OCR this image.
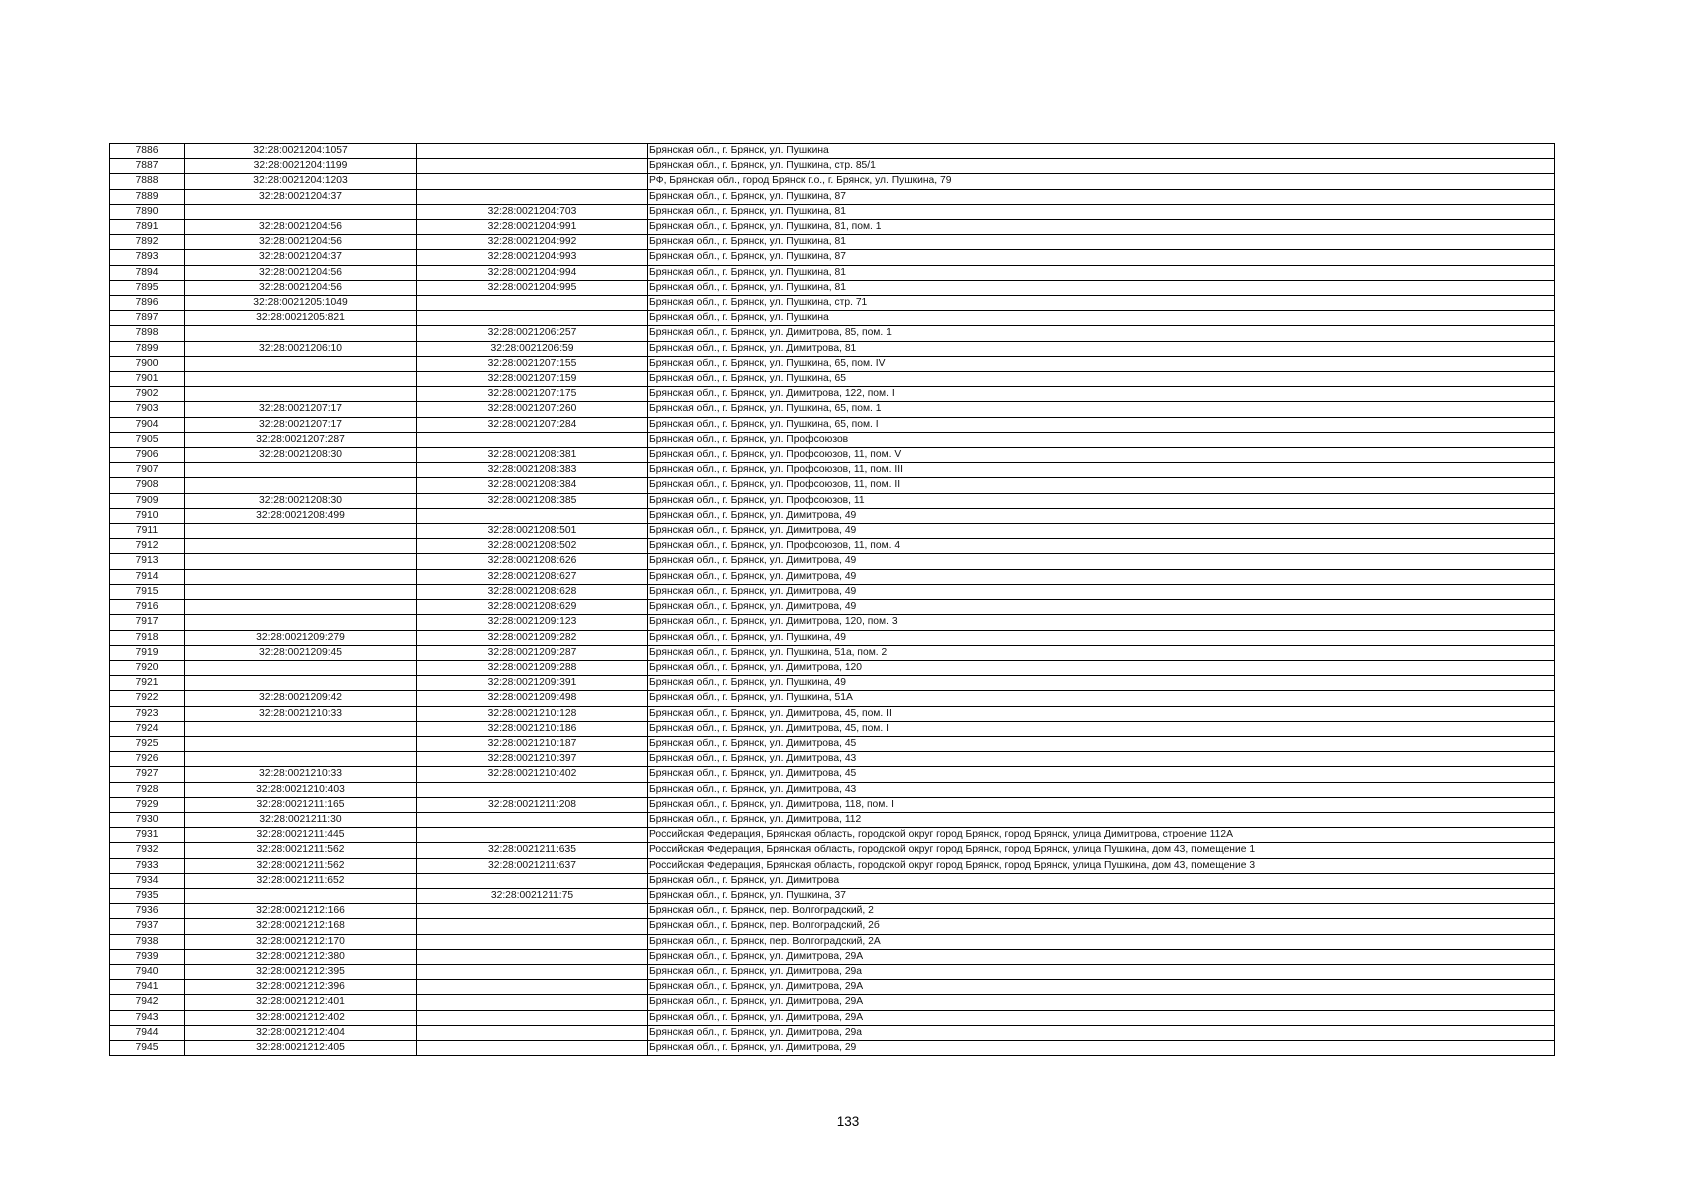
7886	32:28:0021204:1057		Брянская обл., г. Брянск, ул. Пушкина
7887	32:28:0021204:1199		Брянская обл., г. Брянск, ул. Пушкина, стр. 85/1
7888	32:28:0021204:1203		РФ, Брянская обл., город Брянск г.о., г. Брянск, ул. Пушкина, 79
7889	32:28:0021204:37		Брянская обл., г. Брянск, ул. Пушкина, 87
7890		32:28:0021204:703	Брянская обл., г. Брянск, ул. Пушкина, 81
7891	32:28:0021204:56	32:28:0021204:991	Брянская обл., г. Брянск, ул. Пушкина, 81, пом. 1
7892	32:28:0021204:56	32:28:0021204:992	Брянская обл., г. Брянск, ул. Пушкина, 81
7893	32:28:0021204:37	32:28:0021204:993	Брянская обл., г. Брянск, ул. Пушкина, 87
7894	32:28:0021204:56	32:28:0021204:994	Брянская обл., г. Брянск, ул. Пушкина, 81
7895	32:28:0021204:56	32:28:0021204:995	Брянская обл., г. Брянск, ул. Пушкина, 81
7896	32:28:0021205:1049		Брянская обл., г. Брянск, ул. Пушкина, стр. 71
7897	32:28:0021205:821		Брянская обл., г. Брянск, ул. Пушкина
7898		32:28:0021206:257	Брянская обл., г. Брянск, ул. Димитрова, 85, пом. 1
7899	32:28:0021206:10	32:28:0021206:59	Брянская обл., г. Брянск, ул. Димитрова, 81
7900		32:28:0021207:155	Брянская обл., г. Брянск, ул. Пушкина, 65, пом. IV
7901		32:28:0021207:159	Брянская обл., г. Брянск, ул. Пушкина, 65
7902		32:28:0021207:175	Брянская обл., г. Брянск, ул. Димитрова, 122, пом. I
7903	32:28:0021207:17	32:28:0021207:260	Брянская обл., г. Брянск, ул. Пушкина, 65, пом. 1
7904	32:28:0021207:17	32:28:0021207:284	Брянская обл., г. Брянск, ул. Пушкина, 65, пом. I
7905	32:28:0021207:287		Брянская обл., г. Брянск, ул. Профсоюзов
7906	32:28:0021208:30	32:28:0021208:381	Брянская обл., г. Брянск, ул. Профсоюзов, 11, пом. V
7907		32:28:0021208:383	Брянская обл., г. Брянск, ул. Профсоюзов, 11, пом. III
7908		32:28:0021208:384	Брянская обл., г. Брянск, ул. Профсоюзов, 11, пом. II
7909	32:28:0021208:30	32:28:0021208:385	Брянская обл., г. Брянск, ул. Профсоюзов, 11
7910	32:28:0021208:499		Брянская обл., г. Брянск, ул. Димитрова, 49
7911		32:28:0021208:501	Брянская обл., г. Брянск, ул. Димитрова, 49
7912		32:28:0021208:502	Брянская обл., г. Брянск, ул. Профсоюзов, 11, пом. 4
7913		32:28:0021208:626	Брянская обл., г. Брянск, ул. Димитрова, 49
7914		32:28:0021208:627	Брянская обл., г. Брянск, ул. Димитрова, 49
7915		32:28:0021208:628	Брянская обл., г. Брянск, ул. Димитрова, 49
7916		32:28:0021208:629	Брянская обл., г. Брянск, ул. Димитрова, 49
7917		32:28:0021209:123	Брянская обл., г. Брянск, ул. Димитрова, 120, пом. 3
7918	32:28:0021209:279	32:28:0021209:282	Брянская обл., г. Брянск, ул. Пушкина, 49
7919	32:28:0021209:45	32:28:0021209:287	Брянская обл., г. Брянск, ул. Пушкина, 51а, пом. 2
7920		32:28:0021209:288	Брянская обл., г. Брянск, ул. Димитрова, 120
7921		32:28:0021209:391	Брянская обл., г. Брянск, ул. Пушкина, 49
7922	32:28:0021209:42	32:28:0021209:498	Брянская обл., г. Брянск, ул. Пушкина, 51А
7923	32:28:0021210:33	32:28:0021210:128	Брянская обл., г. Брянск, ул. Димитрова, 45, пом. II
7924		32:28:0021210:186	Брянская обл., г. Брянск, ул. Димитрова, 45, пом. I
7925		32:28:0021210:187	Брянская обл., г. Брянск, ул. Димитрова, 45
7926		32:28:0021210:397	Брянская обл., г. Брянск, ул. Димитрова, 43
7927	32:28:0021210:33	32:28:0021210:402	Брянская обл., г. Брянск, ул. Димитрова, 45
7928	32:28:0021210:403		Брянская обл., г. Брянск, ул. Димитрова, 43
7929	32:28:0021211:165	32:28:0021211:208	Брянская обл., г. Брянск, ул. Димитрова, 118, пом. I
7930	32:28:0021211:30		Брянская обл., г. Брянск, ул. Димитрова, 112
7931	32:28:0021211:445		Российская Федерация, Брянская область, городской округ город Брянск, город Брянск, улица Димитрова, строение 112А
7932	32:28:0021211:562	32:28:0021211:635	Российская Федерация, Брянская область, городской округ город Брянск, город Брянск, улица Пушкина, дом 43, помещение 1
7933	32:28:0021211:562	32:28:0021211:637	Российская Федерация, Брянская область, городской округ город Брянск, город Брянск, улица Пушкина, дом 43, помещение 3
7934	32:28:0021211:652		Брянская обл., г. Брянск, ул. Димитрова
7935		32:28:0021211:75	Брянская обл., г. Брянск, ул. Пушкина, 37
7936	32:28:0021212:166		Брянская обл., г. Брянск, пер. Волгоградский, 2
7937	32:28:0021212:168		Брянская обл., г. Брянск, пер. Волгоградский, 2б
7938	32:28:0021212:170		Брянская обл., г. Брянск, пер. Волгоградский, 2А
7939	32:28:0021212:380		Брянская обл., г. Брянск, ул. Димитрова, 29А
7940	32:28:0021212:395		Брянская обл., г. Брянск, ул. Димитрова, 29а
7941	32:28:0021212:396		Брянская обл., г. Брянск, ул. Димитрова, 29А
7942	32:28:0021212:401		Брянская обл., г. Брянск, ул. Димитрова, 29А
7943	32:28:0021212:402		Брянская обл., г. Брянск, ул. Димитрова, 29А
7944	32:28:0021212:404		Брянская обл., г. Брянск, ул. Димитрова, 29а
7945	32:28:0021212:405		Брянская обл., г. Брянск, ул. Димитрова, 29
133
